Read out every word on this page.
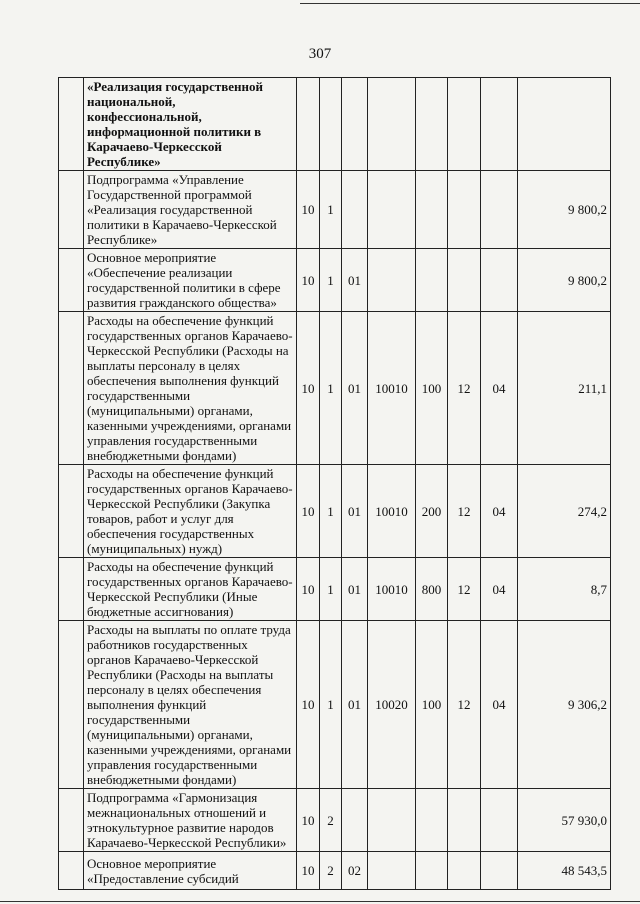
307
	«Реализация государственной национальной, конфессиональной, информационной политики в Карачаево-Черкесской Республике»								
	Подпрограмма «Управление Государственной программой «Реализация государственной политики в Карачаево-Черкесской Республике»	10	1						9 800,2
	Основное мероприятие «Обеспечение реализации государственной политики в сфере развития гражданского общества»	10	1	01					9 800,2
	Расходы на обеспечение функций государственных органов Карачаево-Черкесской Республики (Расходы на выплаты персоналу в целях обеспечения выполнения функций государственными (муниципальными) органами, казенными учреждениями, органами управления государственными внебюджетными фондами)	10	1	01	10010	100	12	04	211,1
	Расходы на обеспечение функций государственных органов Карачаево-Черкесской Республики (Закупка товаров, работ и услуг для обеспечения государственных (муниципальных) нужд)	10	1	01	10010	200	12	04	274,2
	Расходы на обеспечение функций государственных органов Карачаево-Черкесской Республики (Иные бюджетные ассигнования)	10	1	01	10010	800	12	04	8,7
	Расходы на выплаты по оплате труда работников государственных органов Карачаево-Черкесской Республики (Расходы на выплаты персоналу в целях обеспечения выполнения функций государственными (муниципальными) органами, казенными учреждениями, органами управления государственными внебюджетными фондами)	10	1	01	10020	100	12	04	9 306,2
	Подпрограмма «Гармонизация межнациональных отношений и этнокультурное развитие народов Карачаево-Черкесской Республики»	10	2						57 930,0
	Основное мероприятие «Предоставление субсидий	10	2	02					48 543,5
